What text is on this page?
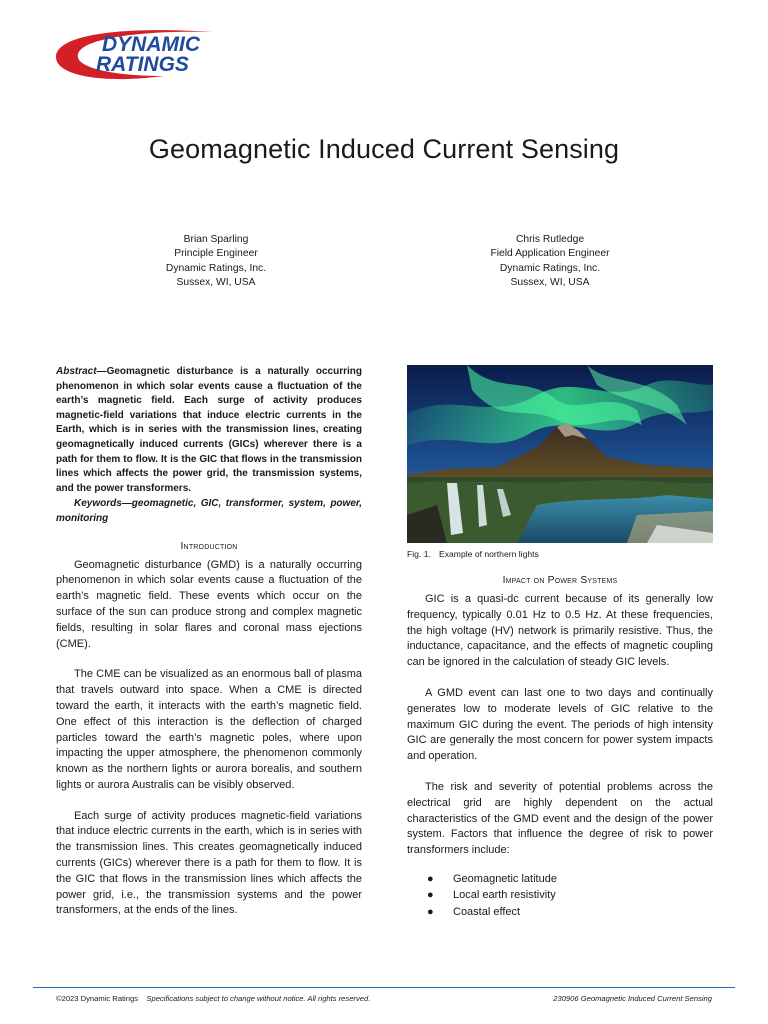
DYNAMIC
RATINGS
Geomagnetic Induced Current Sensing
Brian Sparling
Principle Engineer
Dynamic Ratings, Inc.
Sussex, WI, USA
Chris Rutledge
Field Application Engineer
Dynamic Ratings, Inc.
Sussex, WI, USA

Abstract—Geomagnetic disturbance is a naturally occurring phenomenon in which solar events cause a fluctuation of the earth’s magnetic field. Each surge of activity produces magnetic-field variations that induce electric currents in the Earth, which is in series with the transmission lines, creating geomagnetically induced currents (GICs) wherever there is a path for them to flow. It is the GIC that flows in the transmission lines which affects the power grid, the transmission systems, and the power transformers.

Keywords—geomagnetic, GIC, transformer, system, power, monitoring

Introduction

Geomagnetic disturbance (GMD) is a naturally occurring phenomenon in which solar events cause a fluctuation of the earth’s magnetic field. These events which occur on the surface of the sun can produce strong and complex magnetic fields, resulting in solar flares and coronal mass ejections (CME).

The CME can be visualized as an enormous ball of plasma that travels outward into space. When a CME is directed toward the earth, it interacts with the earth’s magnetic field. One effect of this interaction is the deflection of charged particles toward the earth’s magnetic poles, where upon impacting the upper atmosphere, the phenomenon commonly known as the northern lights or aurora borealis, and southern lights or aurora Australis can be visibly observed.

Each surge of activity produces magnetic-field variations that induce electric currents in the earth, which is in series with the transmission lines. This creates geomagnetically induced currents (GICs) wherever there is a path for them to flow. It is the GIC that flows in the transmission lines which affects the power grid, i.e., the transmission systems and the power transformers, at the ends of the lines.

Fig. 1. Example of northern lights
Impact on Power Systems

GIC is a quasi-dc current because of its generally low frequency, typically 0.01 Hz to 0.5 Hz. At these frequencies, the high voltage (HV) network is primarily resistive. Thus, the inductance, capacitance, and the effects of magnetic coupling can be ignored in the calculation of steady GIC levels.

A GMD event can last one to two days and continually generates low to moderate levels of GIC relative to the maximum GIC during the event. The periods of high intensity GIC are generally the most concern for power system impacts and operation.

The risk and severity of potential problems across the electrical grid are highly dependent on the actual characteristics of the GMD event and the design of the power system. Factors that influence the degree of risk to power transformers include:

● Geomagnetic latitude
● Local earth resistivity
● Coastal effect
©2023 Dynamic Ratings Specifications subject to change without notice. All rights reserved.	230906 Geomagnetic Induced Current Sensing
